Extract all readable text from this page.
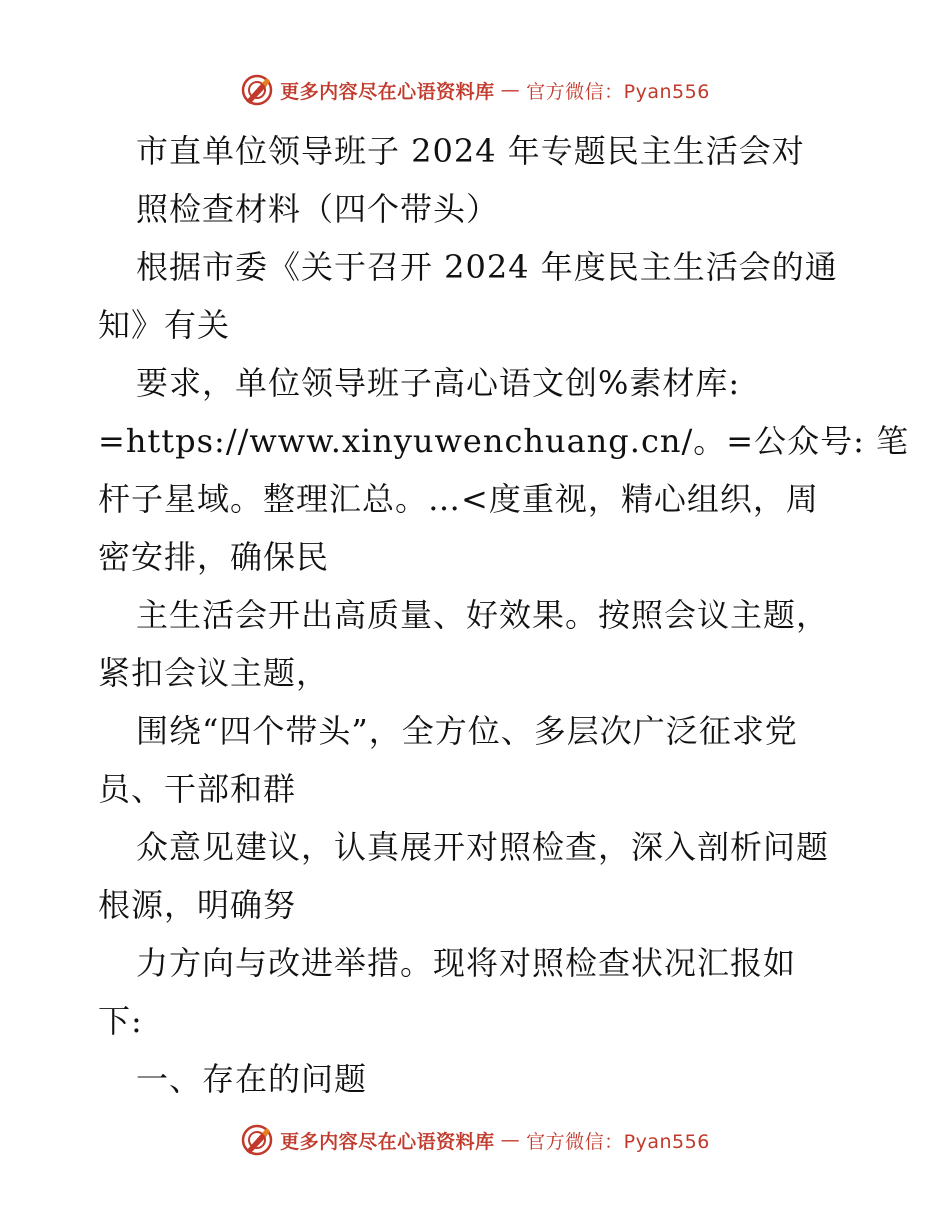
更多内容尽在心语资料库 — 官方微信：Pyan556

市直单位领导班子 2024 年专题民主生活会对

照检查材料（四个带头）

根据市委《关于召开 2024 年度民主生活会的通

知》有关

要求，单位领导班子高心语文创%素材库:

=https://www.xinyuwenchuang.cn/。=公众号: 笔

杆子星域。整理汇总。…<度重视，精心组织，周

密安排，确保民

主生活会开出高质量、好效果。按照会议主题，

紧扣会议主题，

围绕“四个带头”，全方位、多层次广泛征求党

员、干部和群

众意见建议，认真展开对照检查，深入剖析问题

根源，明确努

力方向与改进举措。现将对照检查状况汇报如

下:

一、存在的问题

更多内容尽在心语资料库 — 官方微信：Pyan556
